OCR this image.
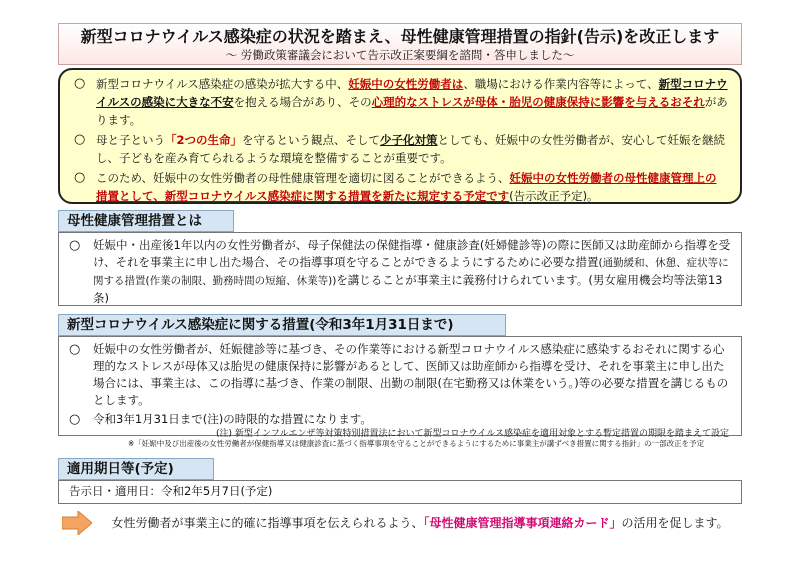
新型コロナウイルス感染症の状況を踏まえ、母性健康管理措置の指針(告示)を改正します
～ 労働政策審議会において告示改正案要綱を諮問・答申しました～
○ 新型コロナウイルス感染症の感染が拡大する中、妊娠中の女性労働者は、職場における作業内容等によって、新型コロナウイルスの感染に大きな不安を抱える場合があり、その心理的なストレスが母体・胎児の健康保持に影響を与えるおそれがあります。
○ 母と子という「2つの生命」を守るという観点、そして少子化対策としても、妊娠中の女性労働者が、安心して妊娠を継続し、子どもを産み育てられるような環境を整備することが重要です。
○ このため、妊娠中の女性労働者の母性健康管理を適切に図ることができるよう、妊娠中の女性労働者の母性健康管理上の措置として、新型コロナウイルス感染症に関する措置を新たに規定する予定です(告示改正予定)。
母性健康管理措置とは
○ 妊娠中・出産後1年以内の女性労働者が、母子保健法の保健指導・健康診査(妊婦健診等)の際に医師又は助産師から指導を受け、それを事業主に申し出た場合、その指導事項を守ることができるようにするために必要な措置(通勤緩和、休憩、症状等に関する措置(作業の制限、勤務時間の短縮、休業等))を講じることが事業主に義務付けられています。(男女雇用機会均等法第13条)
新型コロナウイルス感染症に関する措置(令和3年1月31日まで)
○ 妊娠中の女性労働者が、妊娠健診等に基づき、その作業等における新型コロナウイルス感染症に感染するおそれに関する心理的なストレスが母体又は胎児の健康保持に影響があるとして、医師又は助産師から指導を受け、それを事業主に申し出た場合には、事業主は、この指導に基づき、作業の制限、出勤の制限(在宅勤務又は休業をいう。)等の必要な措置を講じるものとします。
○ 令和3年1月31日まで(注)の時限的な措置になります。
(注) 新型インフルエンザ等対策特別措置法において新型コロナウイルス感染症を適用対象とする暫定措置の期限を踏まえて設定
※「妊娠中及び出産後の女性労働者が保健指導又は健康診査に基づく指導事項を守ることができるようにするために事業主が講ずべき措置に関する指針」の一部改正を予定
適用期日等(予定)
告示日・適用日：令和2年5月7日(予定)
女性労働者が事業主に的確に指導事項を伝えられるよう、「母性健康管理指導事項連絡カード」の活用を促します。
